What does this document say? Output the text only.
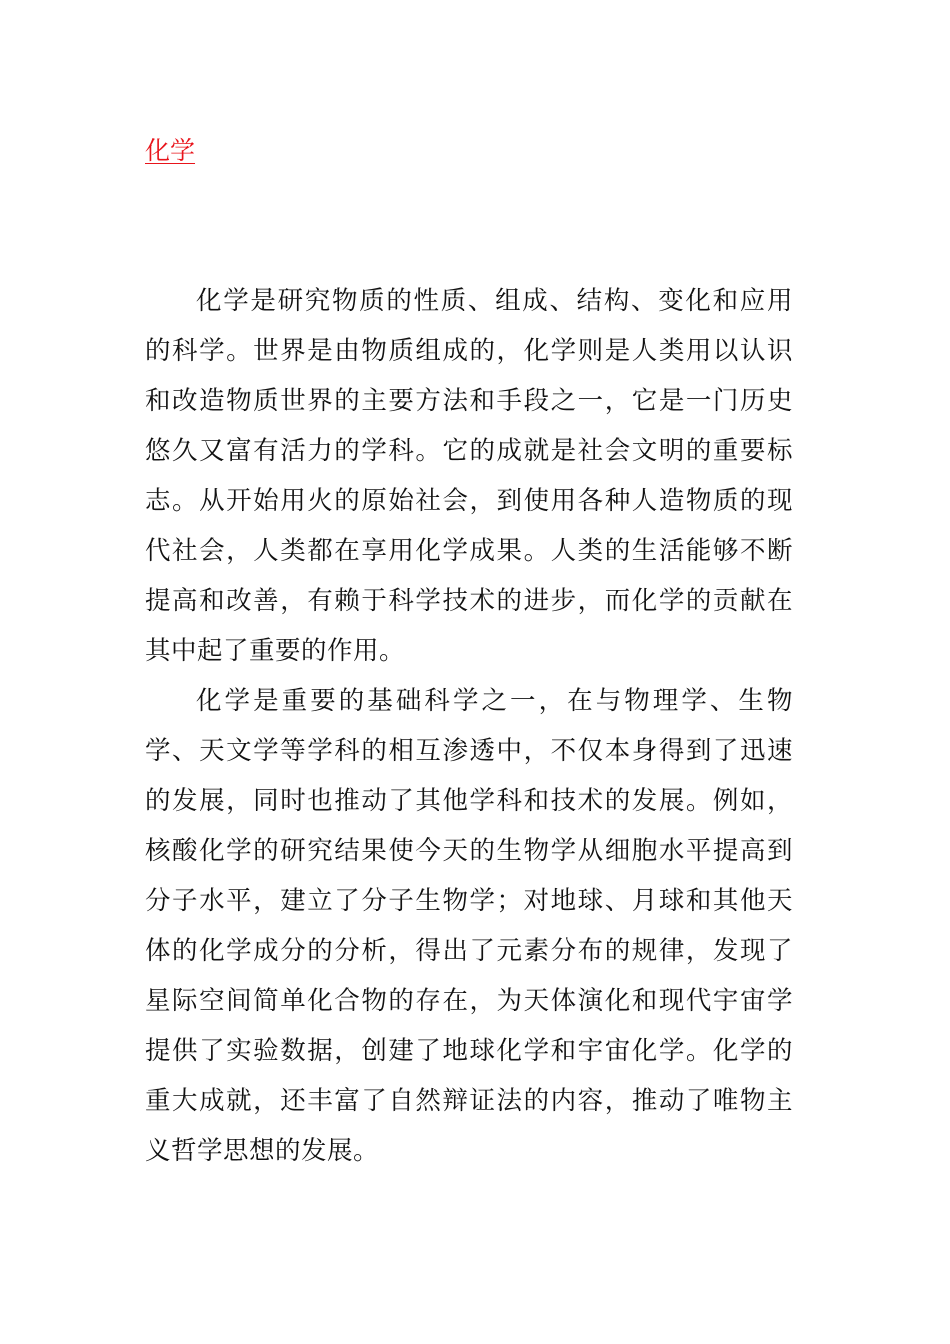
化学

化学是研究物质的性质、组成、结构、变化和应用的科学。世界是由物质组成的，化学则是人类用以认识和改造物质世界的主要方法和手段之一，它是一门历史悠久又富有活力的学科。它的成就是社会文明的重要标志。从开始用火的原始社会，到使用各种人造物质的现代社会，人类都在享用化学成果。人类的生活能够不断提高和改善，有赖于科学技术的进步，而化学的贡献在其中起了重要的作用。

化学是重要的基础科学之一，在与物理学、生物学、天文学等学科的相互渗透中，不仅本身得到了迅速的发展，同时也推动了其他学科和技术的发展。例如，核酸化学的研究结果使今天的生物学从细胞水平提高到分子水平，建立了分子生物学；对地球、月球和其他天体的化学成分的分析，得出了元素分布的规律，发现了星际空间简单化合物的存在，为天体演化和现代宇宙学提供了实验数据，创建了地球化学和宇宙化学。化学的重大成就，还丰富了自然辩证法的内容，推动了唯物主义哲学思想的发展。
